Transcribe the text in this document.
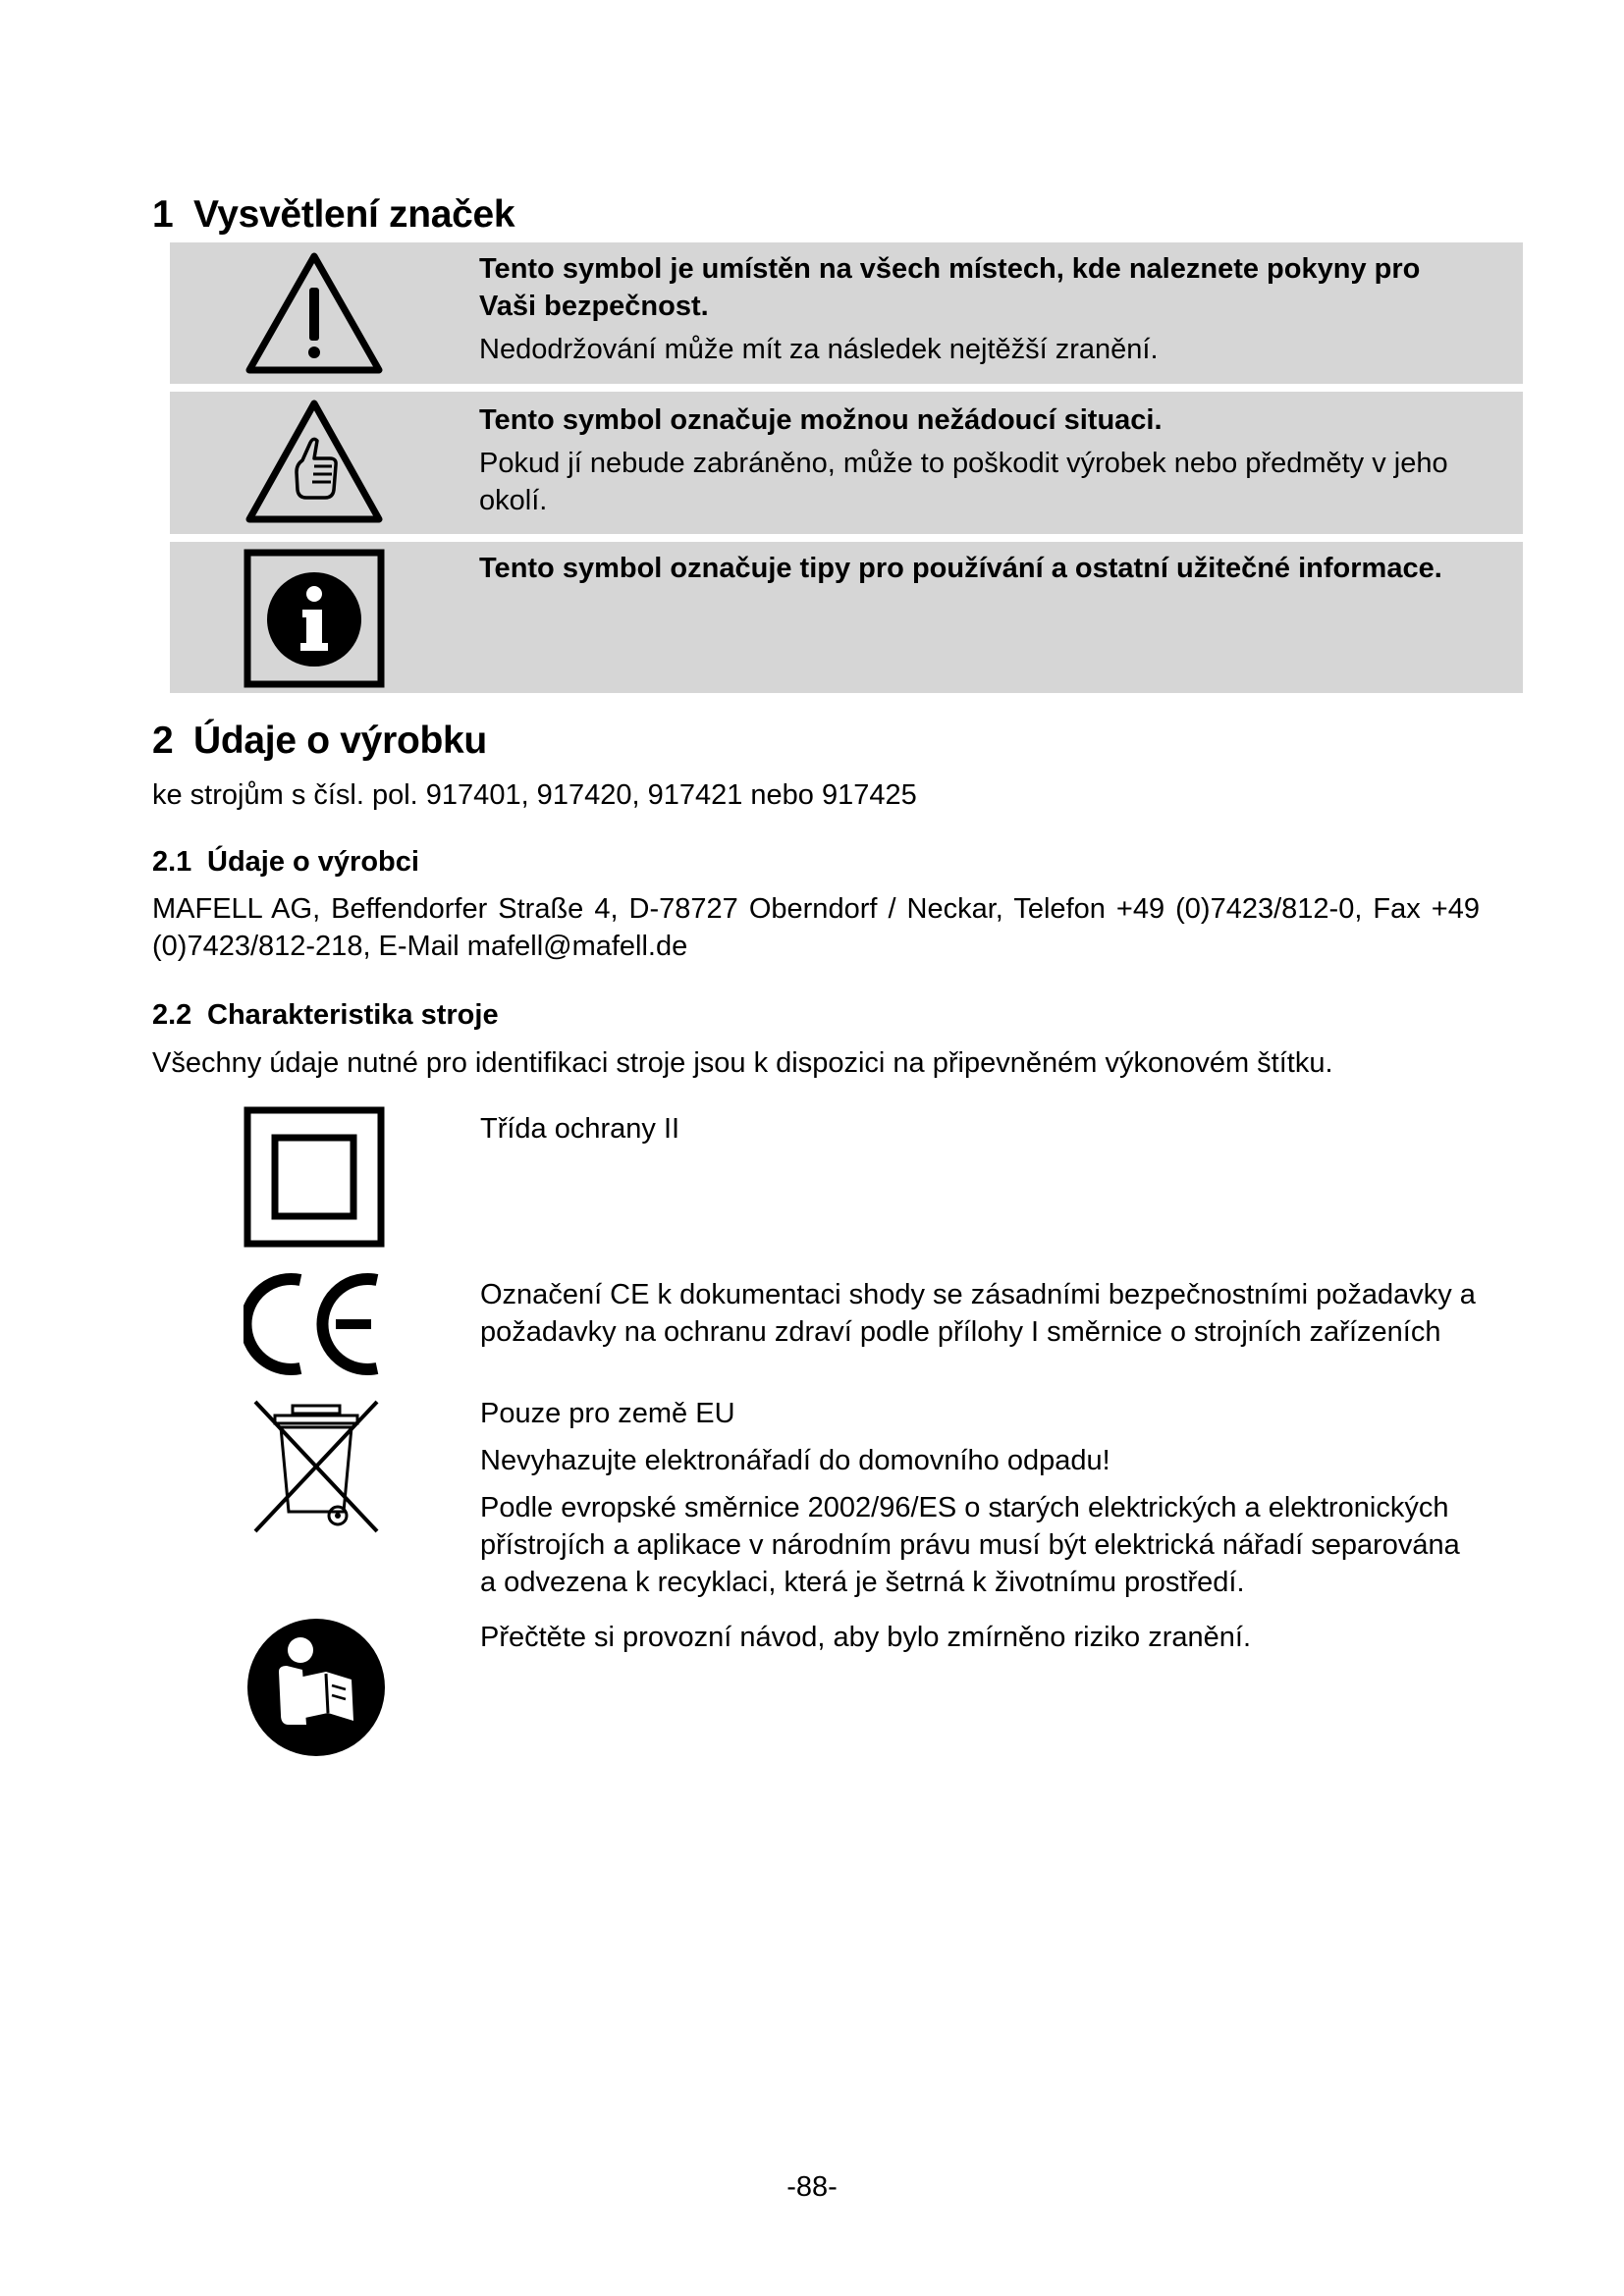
1 Vysvětlení značek

Tento symbol je umístěn na všech místech, kde naleznete pokyny pro Vaši bezpečnost.

Nedodržování může mít za následek nejtěžší zranění.

Tento symbol označuje možnou nežádoucí situaci.

Pokud jí nebude zabráněno, může to poškodit výrobek nebo předměty v jeho okolí.

Tento symbol označuje tipy pro používání a ostatní užitečné informace.

2 Údaje o výrobku

ke strojům s čísl. pol. 917401, 917420, 917421 nebo 917425

2.1 Údaje o výrobci

MAFELL AG, Beffendorfer Straße 4, D-78727 Oberndorf / Neckar, Telefon +49 (0)7423/812-0, Fax +49 (0)7423/812-218, E-Mail mafell@mafell.de

2.2 Charakteristika stroje

Všechny údaje nutné pro identifikaci stroje jsou k dispozici na připevněném výkonovém štítku.

Třída ochrany II

Označení CE k dokumentaci shody se zásadními bezpečnostními požadavky a požadavky na ochranu zdraví podle přílohy I směrnice o strojních zařízeních

Pouze pro země EU

Nevyhazujte elektronářadí do domovního odpadu!

Podle evropské směrnice 2002/96/ES o starých elektrických a elektronických přístrojích a aplikace v národním právu musí být elektrická nářadí separována a odvezena k recyklaci, která je šetrná k životnímu prostředí.

Přečtěte si provozní návod, aby bylo zmírněno riziko zranění.

-88-
